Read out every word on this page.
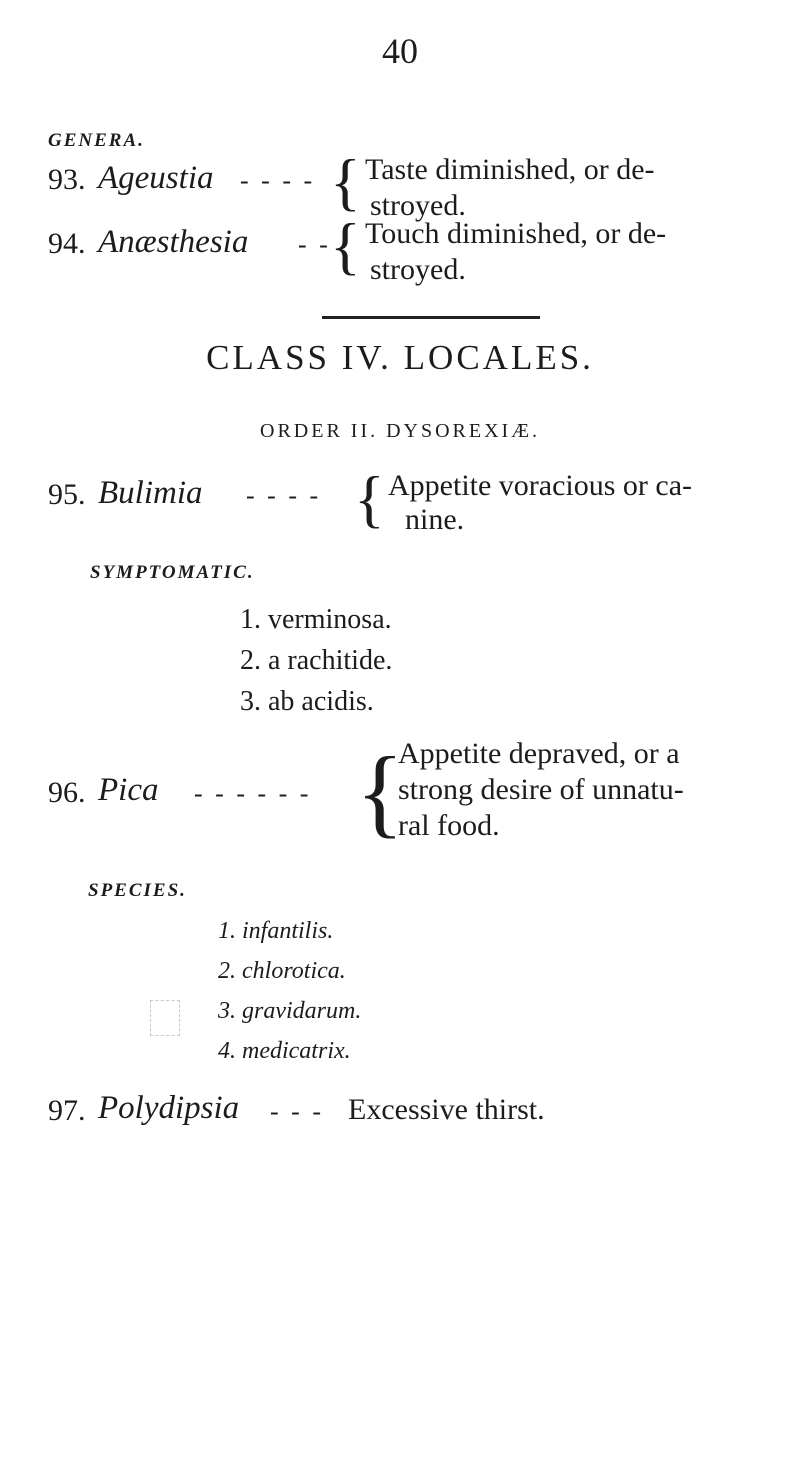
40
GENERA.
93. Ageustia - - - - { Taste diminished, or de-
stroyed.
94. Anæsthesia - - { Touch diminished, or de-
stroyed.
CLASS IV. LOCALES.
ORDER II. DYSOREXIÆ.
95. Bulimia - - - - { Appetite voracious or ca-
nine.
SYMPTOMATIC.
1. verminosa.
2. a rachitide.
3. ab acidis.
96. Pica - - - - - - {
Appetite depraved, or a
strong desire of unnatu-
ral food.
SPECIES.
1. infantilis.
2. chlorotica.
3. gravidarum.
4. medicatrix.
97. Polydipsia - - - Excessive thirst.
